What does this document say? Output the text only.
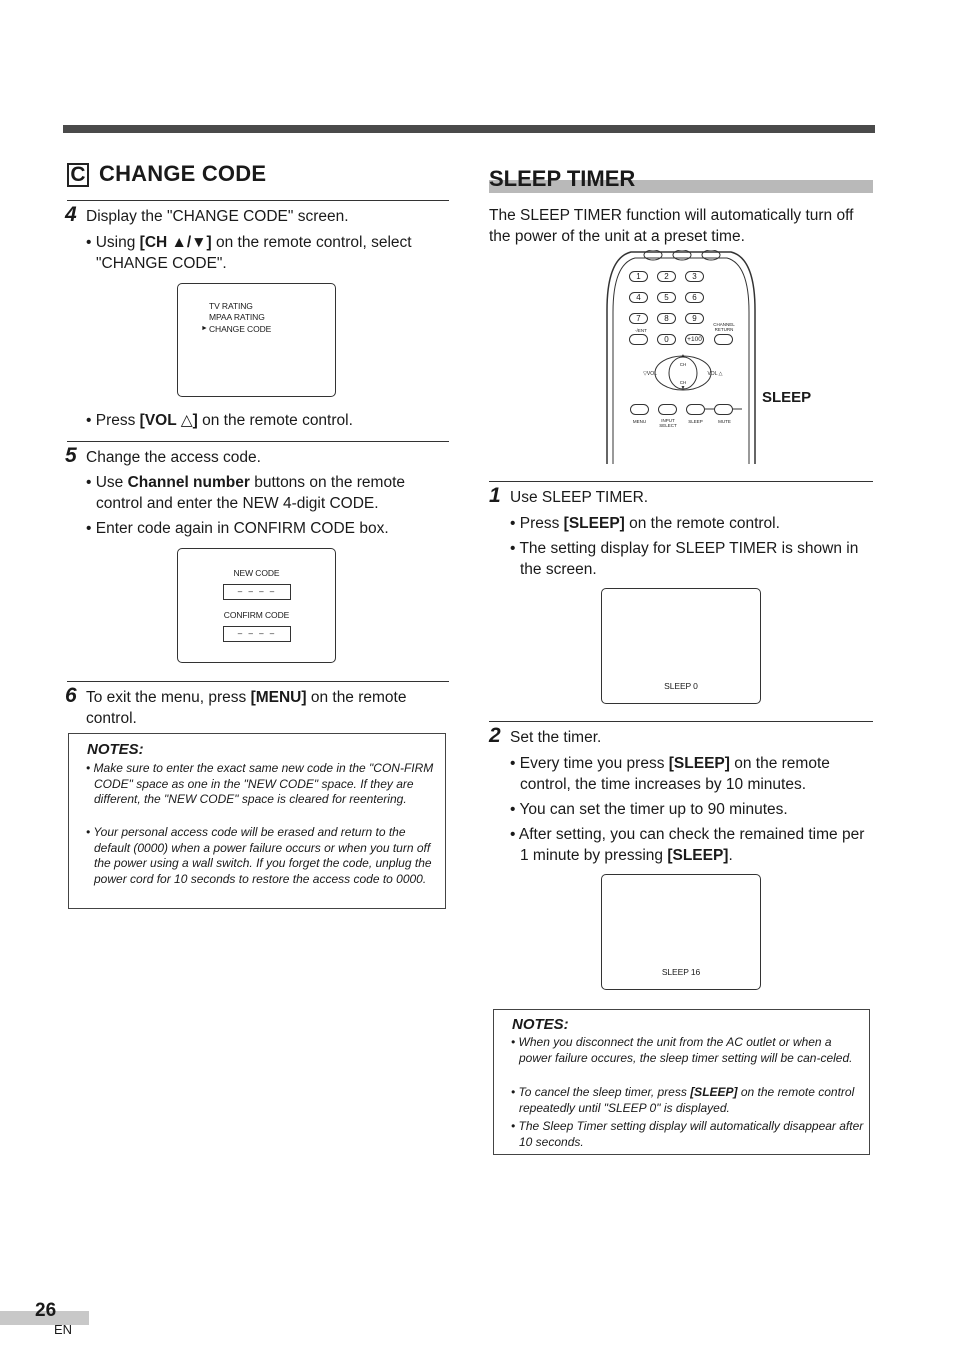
C CHANGE CODE
4 Display the "CHANGE CODE" screen.
• Using [CH ▲/▼] on the remote control, select "CHANGE CODE".
TV RATING
MPAA RATING
► CHANGE CODE
• Press [VOL △] on the remote control.
5 Change the access code.
• Use Channel number buttons on the remote control and enter the NEW 4-digit CODE.
• Enter code again in CONFIRM CODE box.
NEW CODE
– – – –
CONFIRM CODE
– – – –
6 To exit the menu, press [MENU] on the remote control.
NOTES:
• Make sure to enter the exact same new code in the "CON-FIRM CODE" space as one in the "NEW CODE" space. If they are different, the "NEW CODE" space is cleared for reentering.
• Your personal access code will be erased and return to the default (0000) when a power failure occurs or when you turn off the power using a wall switch. If you forget the code, unplug the power cord for 10 seconds to restore the access code to 0000.
SLEEP TIMER
The SLEEP TIMER function will automatically turn off the power of the unit at a preset time.
1	2	3
4	5	6
7	8	9
-/ENT
CHANNEL RETURN
0	+100
▲
CH
▽VOL	VOL △
CH
▼
MENU	INPUT SELECT
SLEEP	MUTE
SLEEP
1 Use SLEEP TIMER.
• Press [SLEEP] on the remote control.
• The setting display for SLEEP TIMER is shown in the screen.
SLEEP 0
2 Set the timer.
• Every time you press [SLEEP] on the remote control, the time increases by 10 minutes.
• You can set the timer up to 90 minutes.
• After setting, you can check the remained time per 1 minute by pressing [SLEEP].
SLEEP 16
NOTES:
• When you disconnect the unit from the AC outlet or when a power failure occures, the sleep timer setting will be can-celed.
• To cancel the sleep timer, press [SLEEP] on the remote control repeatedly until "SLEEP 0" is displayed.
• The Sleep Timer setting display will automatically disappear after 10 seconds.
26
EN
